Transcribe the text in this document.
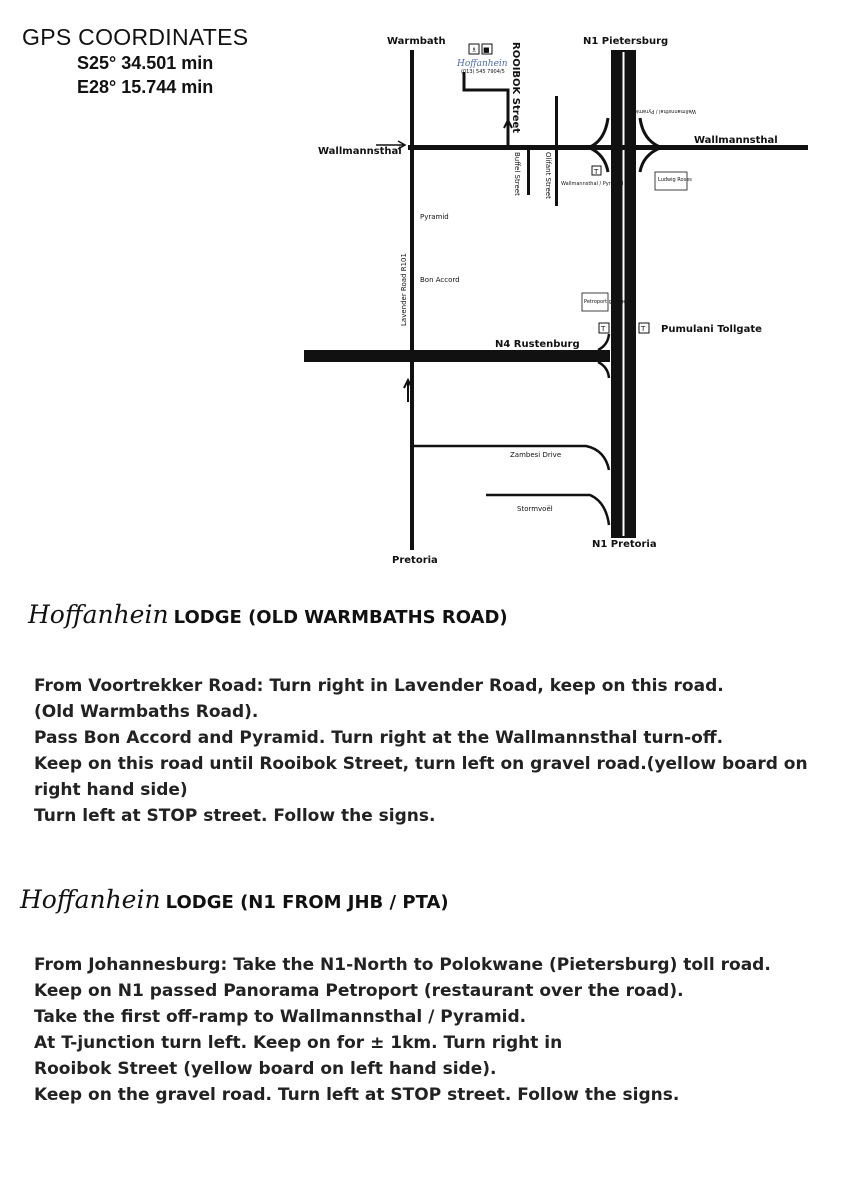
GPS COORDINATES
S25° 34.501 min
E28° 15.744 min
♗ ■
Hoffanhein
(013) 545 7904/5
Warmbath	N1 Pietersburg
ROOIBOK Street
Buffel Street	Olifant Street
Wallmannsthal
Wallmannsthal
Wallmannsthal / Pyramid
T
Wallmannsthal / Pyramid
Ludwig Roses
Pyramid
Bon Accord
Lavender Road R101	Petroport garage
T	T Pumulani Tollgate
N4 Rustenburg
Zambesi Drive
Stormvoël
N1 Pretoria
Pretoria
Hoffanhein LODGE (OLD WARMBATHS ROAD)
From Voortrekker Road: Turn right in Lavender Road, keep on this road.
(Old Warmbaths Road).
Pass Bon Accord and Pyramid. Turn right at the Wallmannsthal turn-off.
Keep on this road until Rooibok Street, turn left on gravel road.(yellow board on
right hand side)
Turn left at STOP street. Follow the signs.
Hoffanhein LODGE (N1 FROM JHB / PTA)
From Johannesburg: Take the N1-North to Polokwane (Pietersburg) toll road.
Keep on N1 passed Panorama Petroport (restaurant over the road).
Take the first off-ramp to Wallmannsthal / Pyramid.
At T-junction turn left. Keep on for ± 1km. Turn right in
Rooibok Street (yellow board on left hand side).
Keep on the gravel road. Turn left at STOP street. Follow the signs.
